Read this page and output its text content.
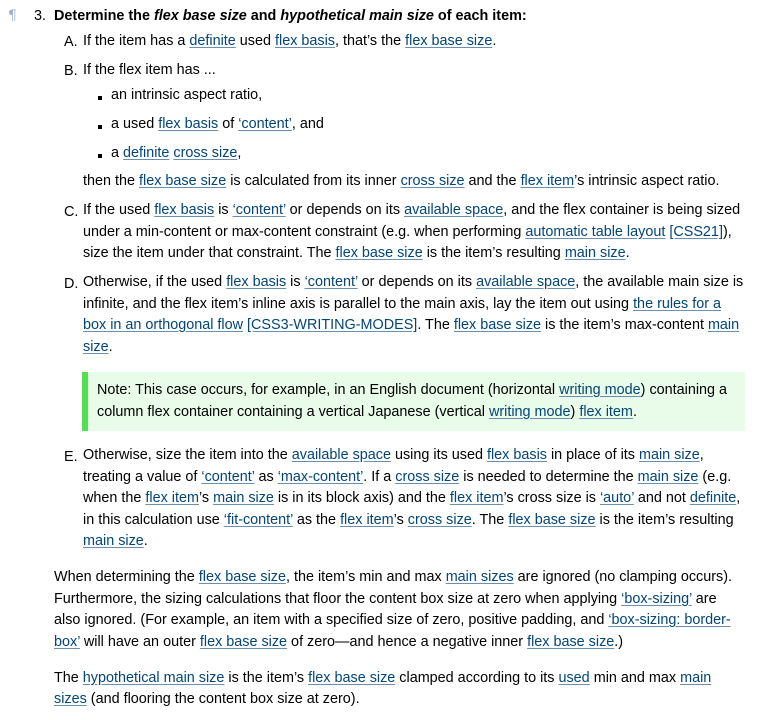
¶ 3. Determine the flex base size and hypothetical main size of each item:
A. If the item has a definite used flex basis, that’s the flex base size.
B. If the flex item has ...
an intrinsic aspect ratio,
a used flex basis of ‘content’, and
a definite cross size,
then the flex base size is calculated from its inner cross size and the flex item’s intrinsic aspect ratio.
C. If the used flex basis is ‘content’ or depends on its available space, and the flex container is being sized
under a min-content or max-content constraint (e.g. when performing automatic table layout [CSS21]),
size the item under that constraint. The flex base size is the item’s resulting main size.
D. Otherwise, if the used flex basis is ‘content’ or depends on its available space, the available main size is
infinite, and the flex item’s inline axis is parallel to the main axis, lay the item out using the rules for a
box in an orthogonal flow [CSS3-WRITING-MODES]. The flex base size is the item’s max-content main
size.
Note: This case occurs, for example, in an English document (horizontal writing mode) containing a
column flex container containing a vertical Japanese (vertical writing mode) flex item.
E. Otherwise, size the item into the available space using its used flex basis in place of its main size,
treating a value of ‘content’ as ‘max-content’. If a cross size is needed to determine the main size (e.g.
when the flex item’s main size is in its block axis) and the flex item’s cross size is ‘auto’ and not definite,
in this calculation use ‘fit-content’ as the flex item’s cross size. The flex base size is the item’s resulting
main size.
When determining the flex base size, the item’s min and max main sizes are ignored (no clamping occurs).
Furthermore, the sizing calculations that floor the content box size at zero when applying ‘box-sizing’ are
also ignored. (For example, an item with a specified size of zero, positive padding, and ‘box-sizing: border-
box’ will have an outer flex base size of zero—and hence a negative inner flex base size.)
The hypothetical main size is the item’s flex base size clamped according to its used min and max main
sizes (and flooring the content box size at zero).
